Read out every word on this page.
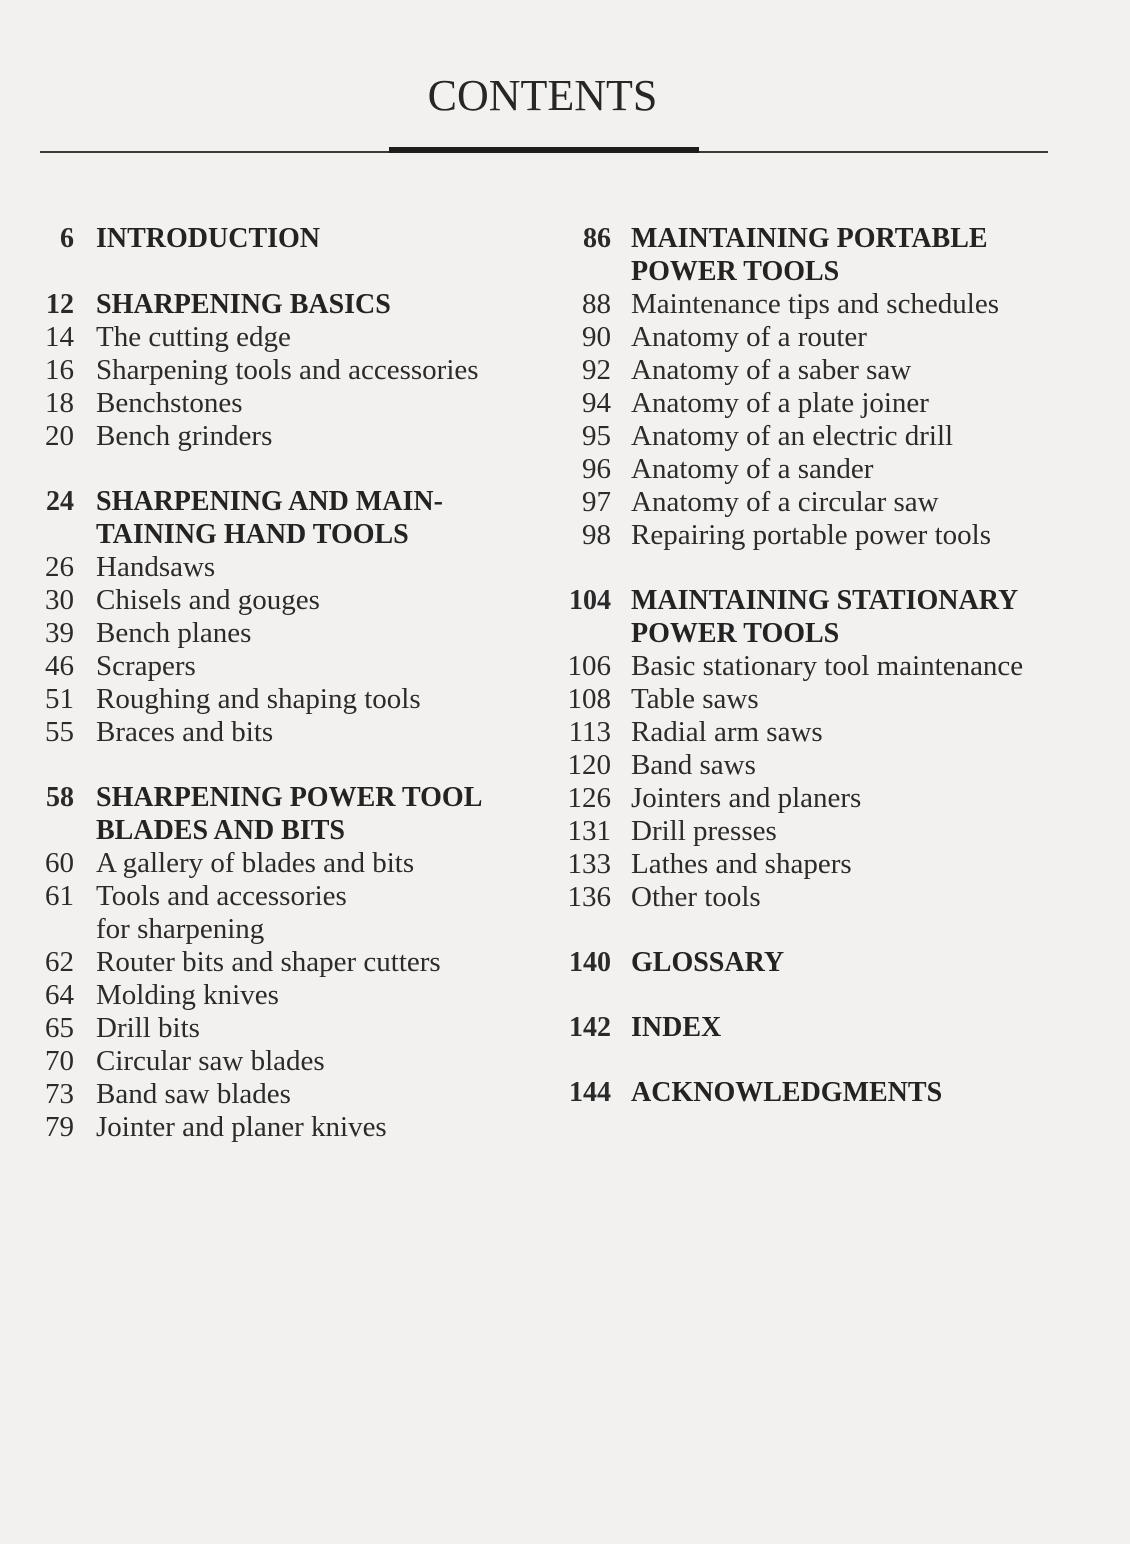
CONTENTS
6 INTRODUCTION
12 SHARPENING BASICS
14 The cutting edge
16 Sharpening tools and accessories
18 Benchstones
20 Bench grinders
24 SHARPENING AND MAIN-
TAINING HAND TOOLS
26 Handsaws
30 Chisels and gouges
39 Bench planes
46 Scrapers
51 Roughing and shaping tools
55 Braces and bits
58 SHARPENING POWER TOOL
BLADES AND BITS
60 A gallery of blades and bits
61 Tools and accessories
for sharpening
62 Router bits and shaper cutters
64 Molding knives
65 Drill bits
70 Circular saw blades
73 Band saw blades
79 Jointer and planer knives
86 MAINTAINING PORTABLE
POWER TOOLS
88 Maintenance tips and schedules
90 Anatomy of a router
92 Anatomy of a saber saw
94 Anatomy of a plate joiner
95 Anatomy of an electric drill
96 Anatomy of a sander
97 Anatomy of a circular saw
98 Repairing portable power tools
104 MAINTAINING STATIONARY
POWER TOOLS
106 Basic stationary tool maintenance
108 Table saws
113 Radial arm saws
120 Band saws
126 Jointers and planers
131 Drill presses
133 Lathes and shapers
136 Other tools
140 GLOSSARY
142 INDEX
144 ACKNOWLEDGMENTS
